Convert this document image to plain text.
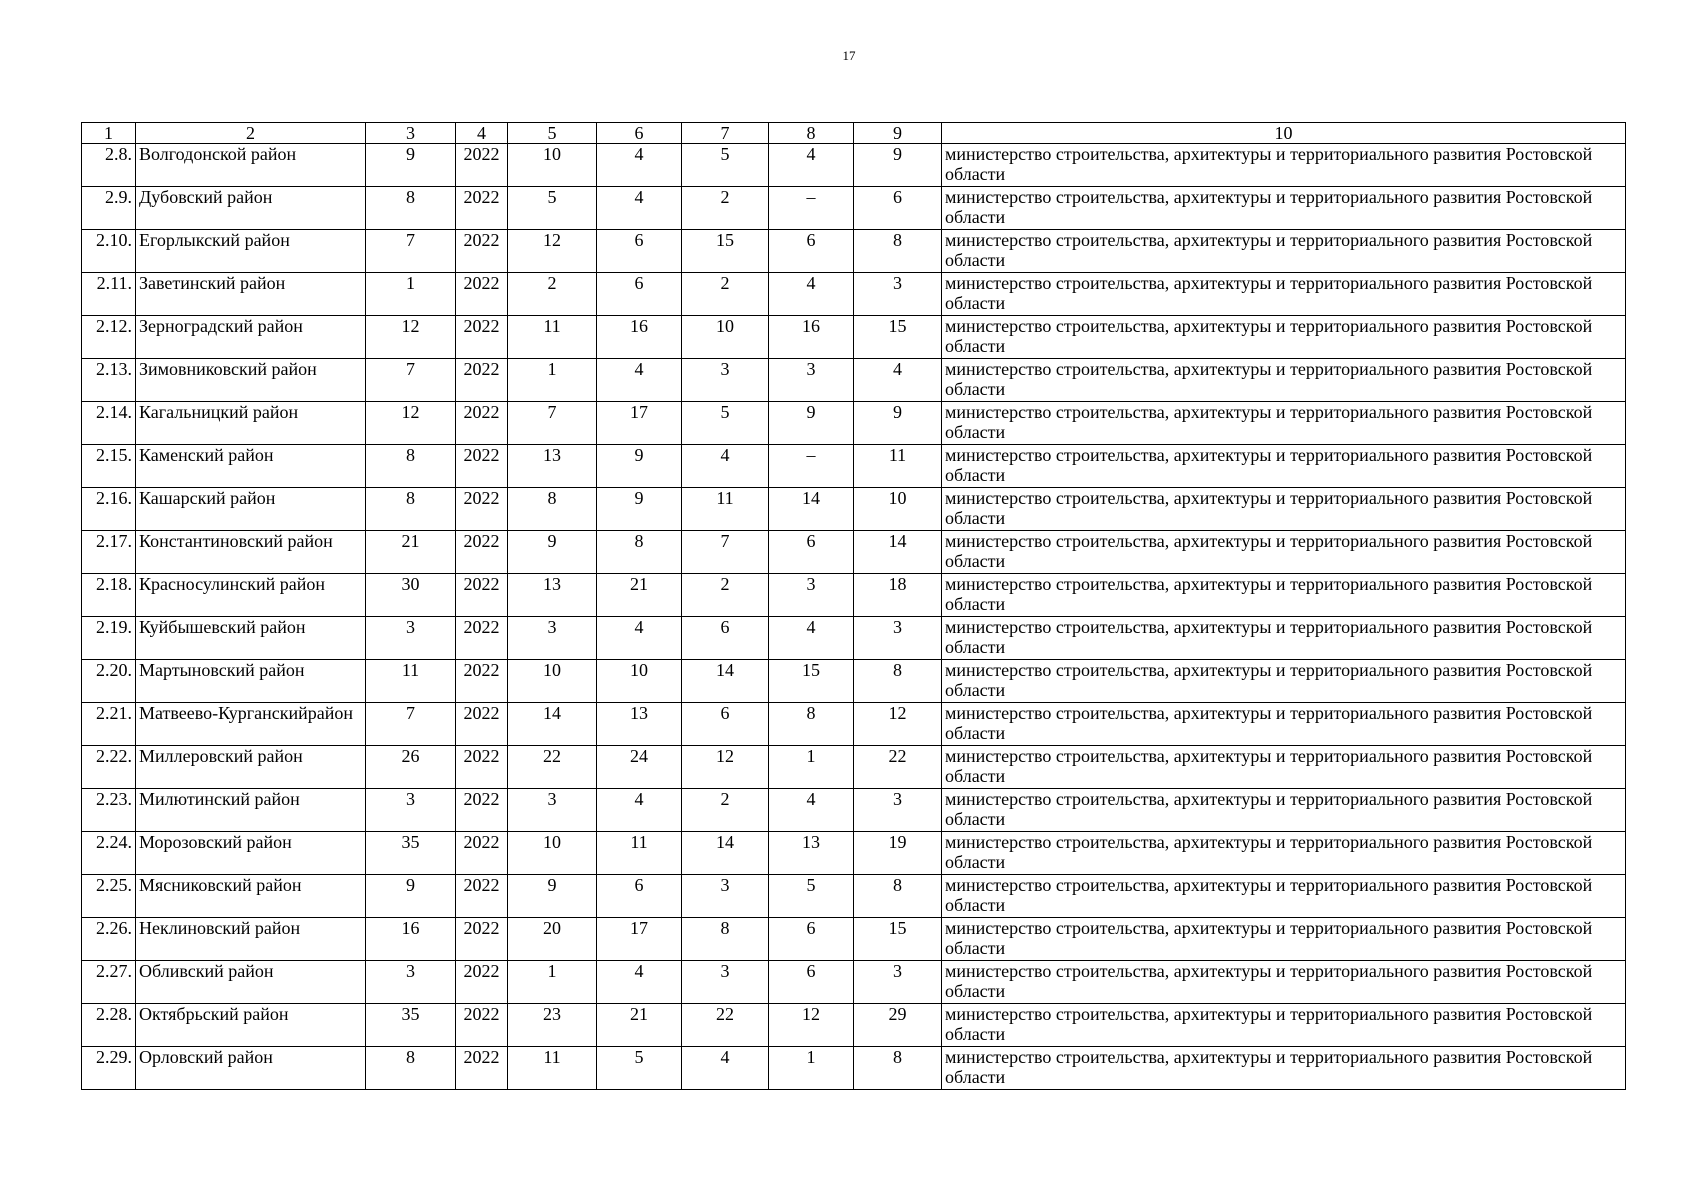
17
1	2	3	4	5	6	7	8	9	10
2.8.	Волгодонской район	9	2022	10	4	5	4	9	министерство строительства, архитектуры и территориального развития Ростовской области
2.9.	Дубовский район	8	2022	5	4	2	–	6	министерство строительства, архитектуры и территориального развития Ростовской области
2.10.	Егорлыкский район	7	2022	12	6	15	6	8	министерство строительства, архитектуры и территориального развития Ростовской области
2.11.	Заветинский район	1	2022	2	6	2	4	3	министерство строительства, архитектуры и территориального развития Ростовской области
2.12.	Зерноградский район	12	2022	11	16	10	16	15	министерство строительства, архитектуры и территориального развития Ростовской области
2.13.	Зимовниковский район	7	2022	1	4	3	3	4	министерство строительства, архитектуры и территориального развития Ростовской области
2.14.	Кагальницкий район	12	2022	7	17	5	9	9	министерство строительства, архитектуры и территориального развития Ростовской области
2.15.	Каменский район	8	2022	13	9	4	–	11	министерство строительства, архитектуры и территориального развития Ростовской области
2.16.	Кашарский район	8	2022	8	9	11	14	10	министерство строительства, архитектуры и территориального развития Ростовской области
2.17.	Константиновский район	21	2022	9	8	7	6	14	министерство строительства, архитектуры и территориального развития Ростовской области
2.18.	Красносулинский район	30	2022	13	21	2	3	18	министерство строительства, архитектуры и территориального развития Ростовской области
2.19.	Куйбышевский район	3	2022	3	4	6	4	3	министерство строительства, архитектуры и территориального развития Ростовской области
2.20.	Мартыновский район	11	2022	10	10	14	15	8	министерство строительства, архитектуры и территориального развития Ростовской области
2.21.	Матвеево-Курганскийрайон	7	2022	14	13	6	8	12	министерство строительства, архитектуры и территориального развития Ростовской области
2.22.	Миллеровский район	26	2022	22	24	12	1	22	министерство строительства, архитектуры и территориального развития Ростовской области
2.23.	Милютинский район	3	2022	3	4	2	4	3	министерство строительства, архитектуры и территориального развития Ростовской области
2.24.	Морозовский район	35	2022	10	11	14	13	19	министерство строительства, архитектуры и территориального развития Ростовской области
2.25.	Мясниковский район	9	2022	9	6	3	5	8	министерство строительства, архитектуры и территориального развития Ростовской области
2.26.	Неклиновский район	16	2022	20	17	8	6	15	министерство строительства, архитектуры и территориального развития Ростовской области
2.27.	Обливский район	3	2022	1	4	3	6	3	министерство строительства, архитектуры и территориального развития Ростовской области
2.28.	Октябрьский район	35	2022	23	21	22	12	29	министерство строительства, архитектуры и территориального развития Ростовской области
2.29.	Орловский район	8	2022	11	5	4	1	8	министерство строительства, архитектуры и территориального развития Ростовской области
